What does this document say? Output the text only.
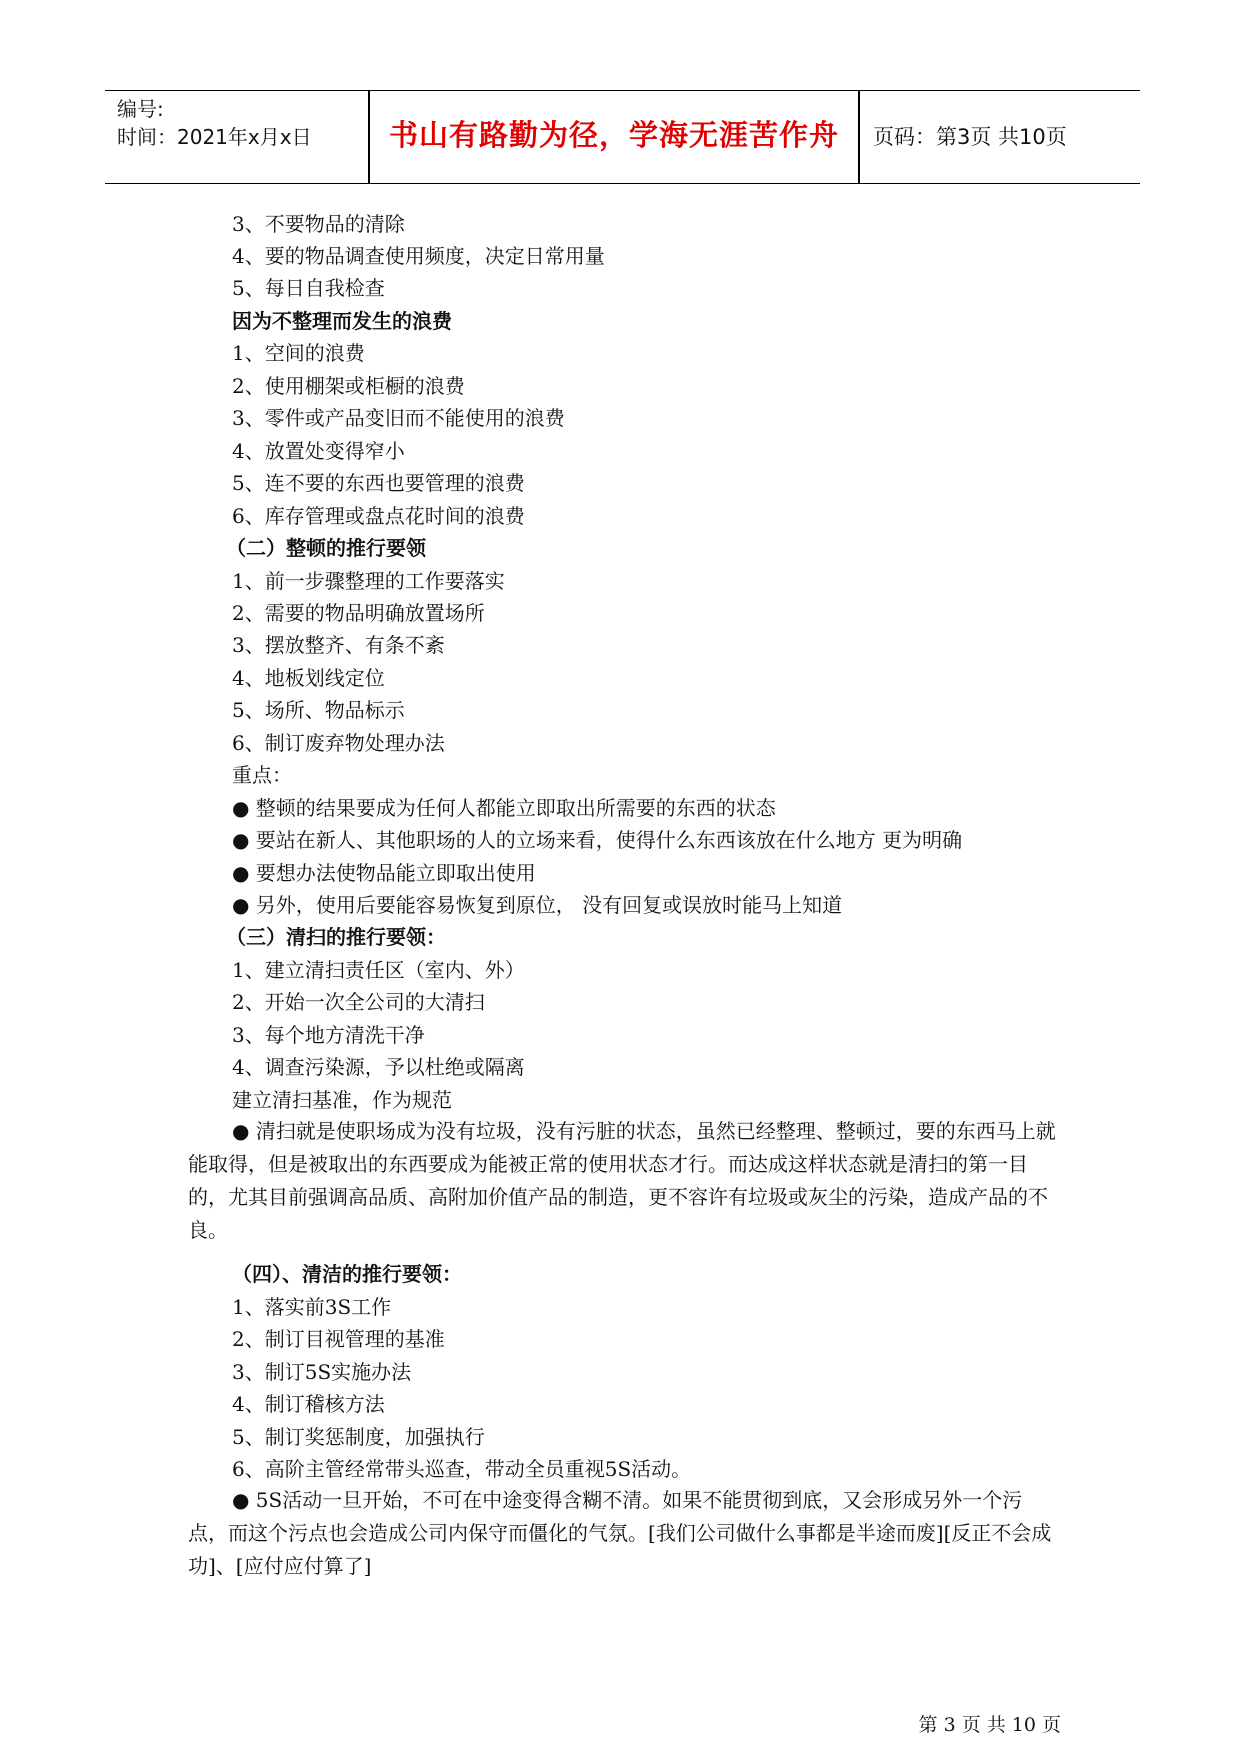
编号:
时间：2021年x月x日	书山有路勤为径，学海无涯苦作舟	页码：第3页 共10页
3、不要物品的清除
4、要的物品调查使用频度，决定日常用量
5、每日自我检查
因为不整理而发生的浪费
1、空间的浪费
2、使用棚架或柜橱的浪费
3、零件或产品变旧而不能使用的浪费
4、放置处变得窄小
5、连不要的东西也要管理的浪费
6、库存管理或盘点花时间的浪费
（二）整顿的推行要领
1、前一步骤整理的工作要落实
2、需要的物品明确放置场所
3、摆放整齐、有条不紊
4、地板划线定位
5、场所、物品标示
6、制订废弃物处理办法
重点：
● 整顿的结果要成为任何人都能立即取出所需要的东西的状态
● 要站在新人、其他职场的人的立场来看，使得什么东西该放在什么地方 更为明确
● 要想办法使物品能立即取出使用
● 另外，使用后要能容易恢复到原位， 没有回复或误放时能马上知道
（三）清扫的推行要领：
1、建立清扫责任区（室内、外）
2、开始一次全公司的大清扫
3、每个地方清洗干净
4、调查污染源，予以杜绝或隔离
建立清扫基准，作为规范
● 清扫就是使职场成为没有垃圾，没有污脏的状态，虽然已经整理、整顿过，要的东西马上就能取得，但是被取出的东西要成为能被正常的使用状态才行。而达成这样状态就是清扫的第一目的，尤其目前强调高品质、高附加价值产品的制造，更不容许有垃圾或灰尘的污染，造成产品的不良。
（四）、清洁的推行要领：
1、落实前3S工作
2、制订目视管理的基准
3、制订5S实施办法
4、制订稽核方法
5、制订奖惩制度，加强执行
6、高阶主管经常带头巡查，带动全员重视5S活动。
● 5S活动一旦开始，不可在中途变得含糊不清。如果不能贯彻到底，又会形成另外一个污点，而这个污点也会造成公司内保守而僵化的气氛。[我们公司做什么事都是半途而废][反正不会成功]、[应付应付算了]
第 3 页 共 10 页
